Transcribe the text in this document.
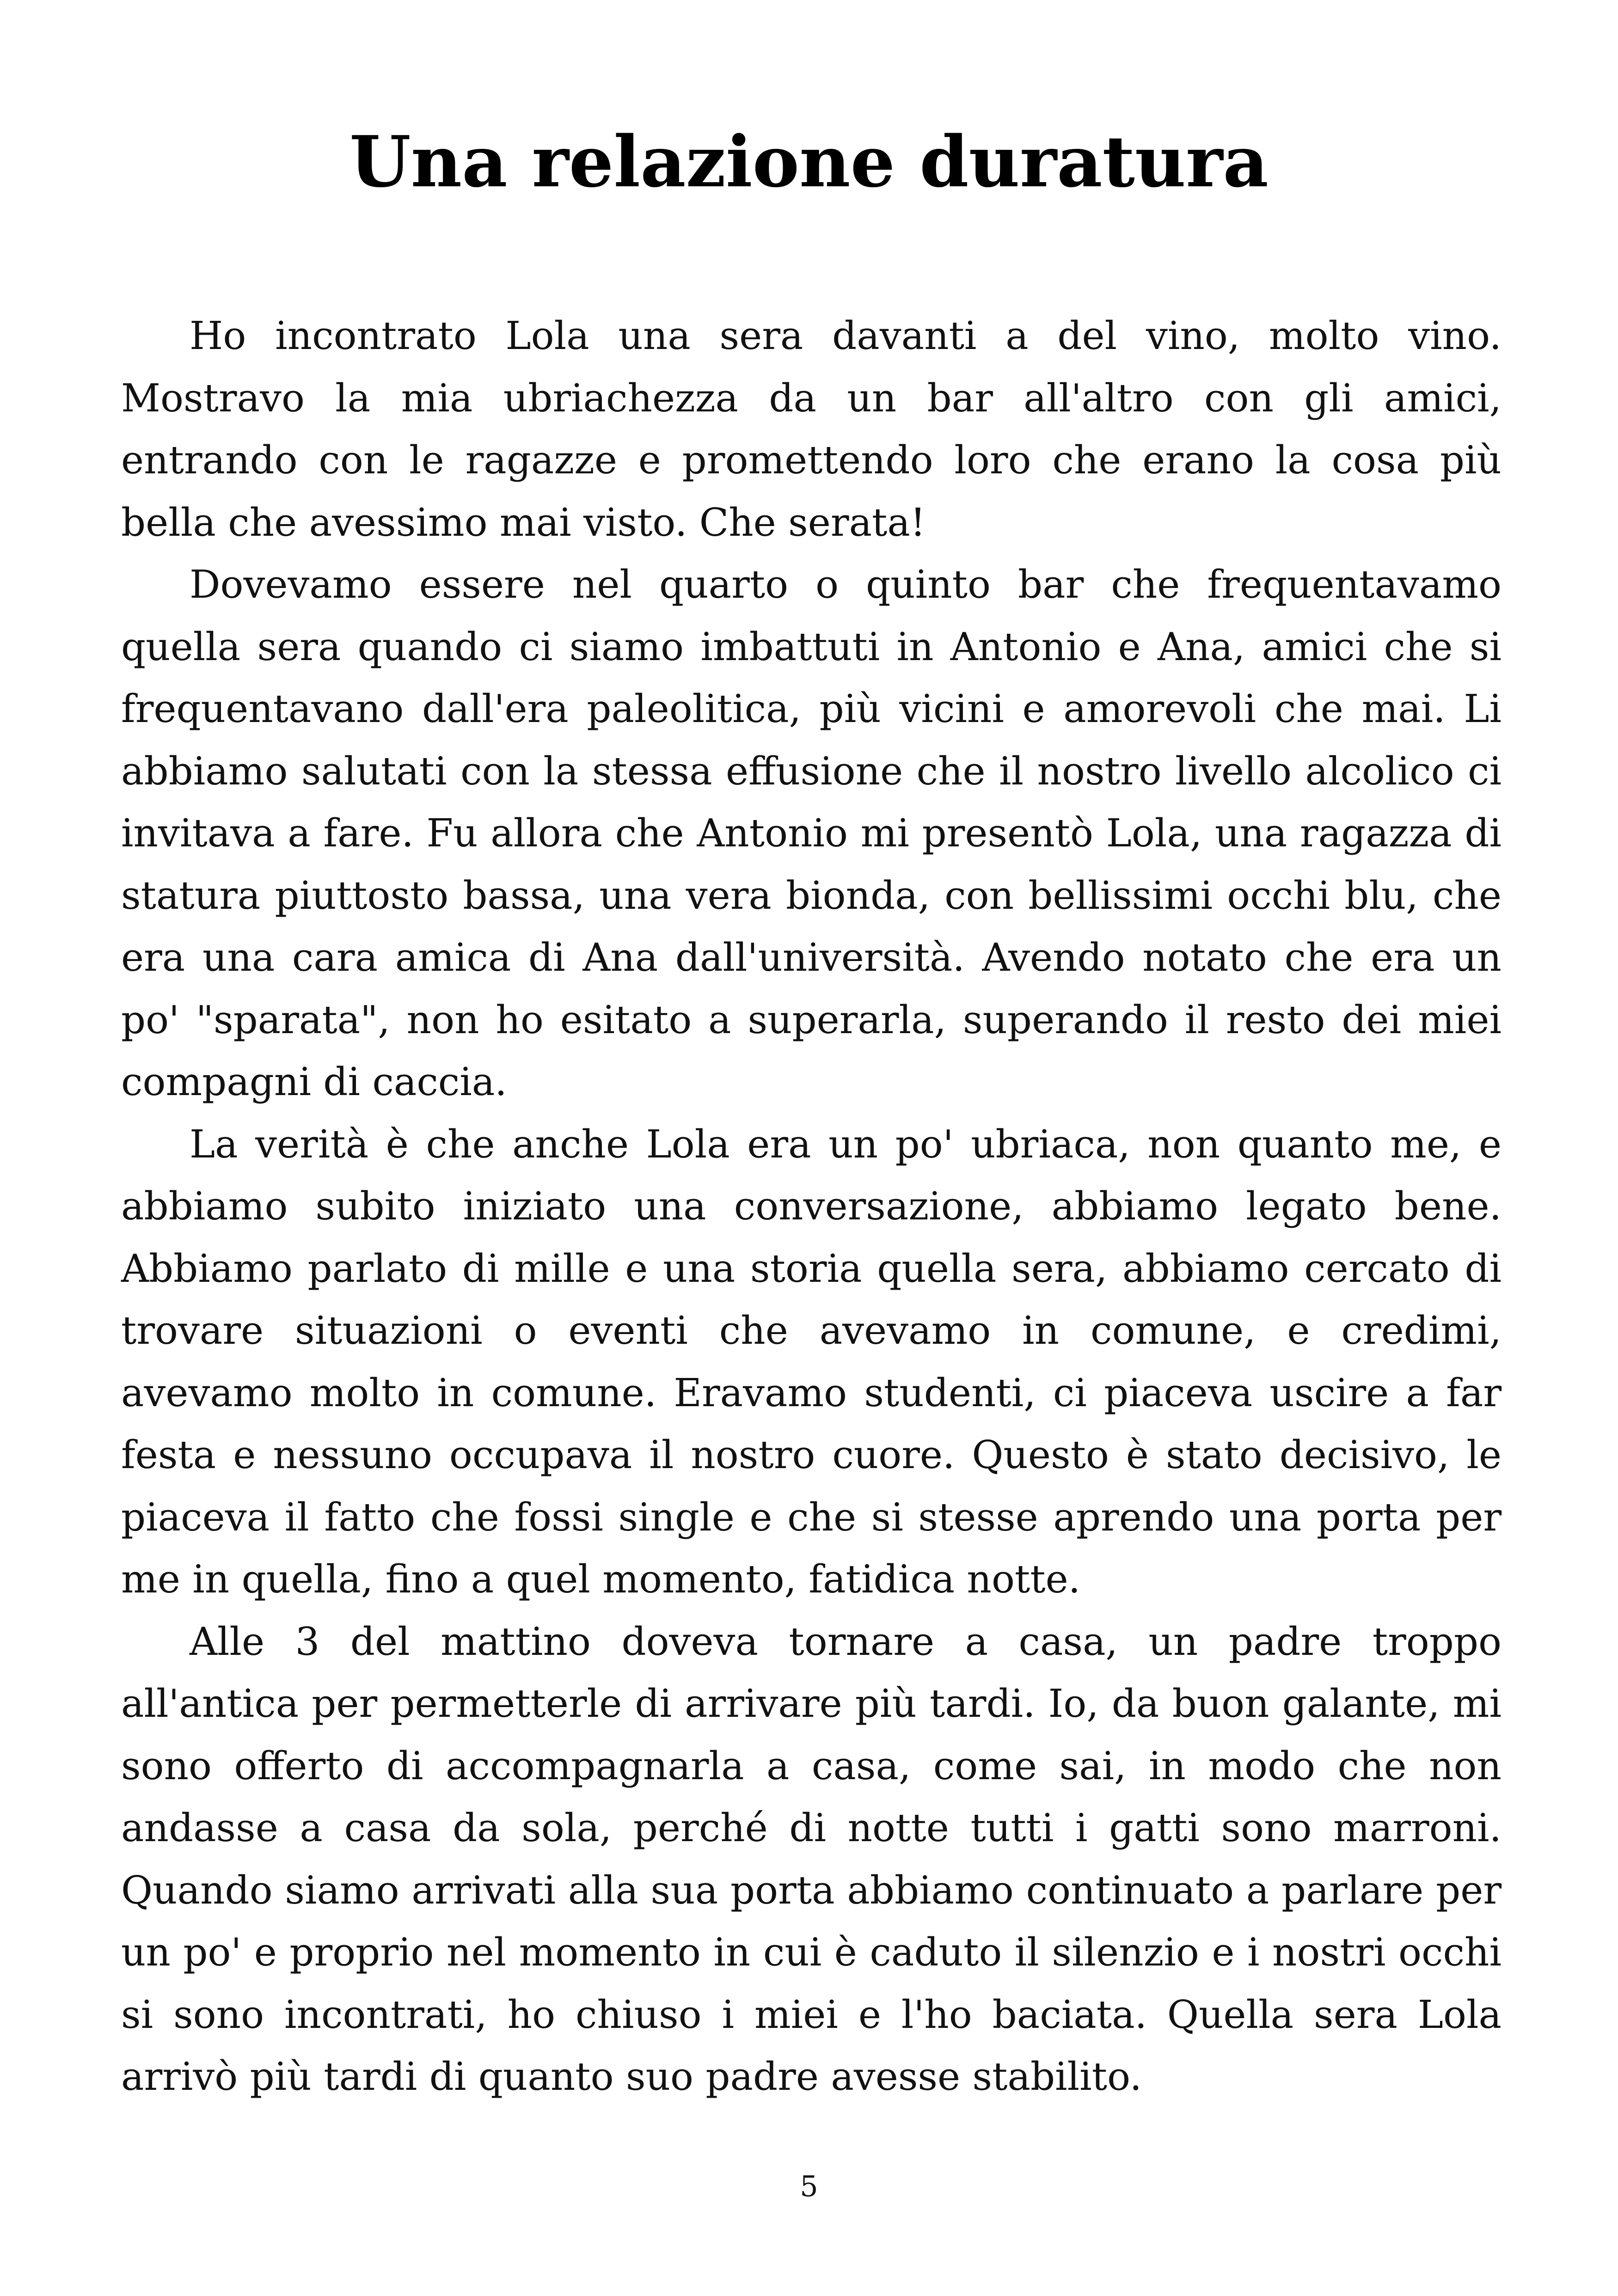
Una relazione duratura

Ho incontrato Lola una sera davanti a del vino, molto vino. Mostravo la mia ubriachezza da un bar all'altro con gli amici, entrando con le ragazze e promettendo loro che erano la cosa più bella che avessimo mai visto. Che serata!

Dovevamo essere nel quarto o quinto bar che frequentavamo quella sera quando ci siamo imbattuti in Antonio e Ana, amici che si frequentavano dall'era paleolitica, più vicini e amorevoli che mai. Li abbiamo salutati con la stessa effusione che il nostro livello alcolico ci invitava a fare. Fu allora che Antonio mi presentò Lola, una ragazza di statura piuttosto bassa, una vera bionda, con bellissimi occhi blu, che era una cara amica di Ana dall'università. Avendo notato che era un po' "sparata", non ho esitato a superarla, superando il resto dei miei compagni di caccia.

La verità è che anche Lola era un po' ubriaca, non quanto me, e abbiamo subito iniziato una conversazione, abbiamo legato bene. Abbiamo parlato di mille e una storia quella sera, abbiamo cercato di trovare situazioni o eventi che avevamo in comune, e credimi, avevamo molto in comune. Eravamo studenti, ci piaceva uscire a far festa e nessuno occupava il nostro cuore. Questo è stato decisivo, le piaceva il fatto che fossi single e che si stesse aprendo una porta per me in quella, fino a quel momento, fatidica notte.

Alle 3 del mattino doveva tornare a casa, un padre troppo all'antica per permetterle di arrivare più tardi. Io, da buon galante, mi sono offerto di accompagnarla a casa, come sai, in modo che non andasse a casa da sola, perché di notte tutti i gatti sono marroni. Quando siamo arrivati alla sua porta abbiamo continuato a parlare per un po' e proprio nel momento in cui è caduto il silenzio e i nostri occhi si sono incontrati, ho chiuso i miei e l'ho baciata. Quella sera Lola arrivò più tardi di quanto suo padre avesse stabilito.

5
